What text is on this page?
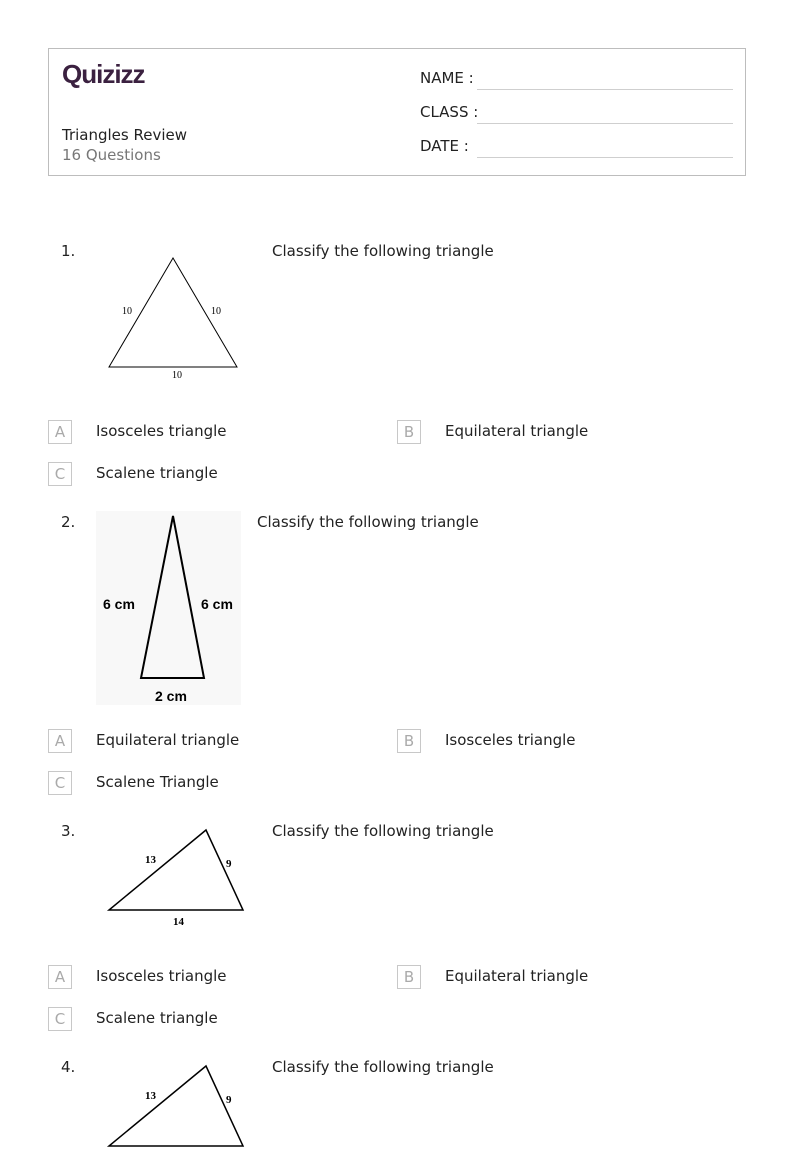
Quizizz
Triangles Review
16 Questions
NAME :
CLASS :
DATE :
1.
10	10
10
Classify the following triangle
A	Isosceles triangle	B	Equilateral triangle
C	Scalene triangle
2.
6 cm	6 cm
2 cm
Classify the following triangle
A	Equilateral triangle	B	Isosceles triangle
C	Scalene Triangle
3.
13	9
14
Classify the following triangle
A	Isosceles triangle	B	Equilateral triangle
C	Scalene triangle
4.
13	9
Classify the following triangle
